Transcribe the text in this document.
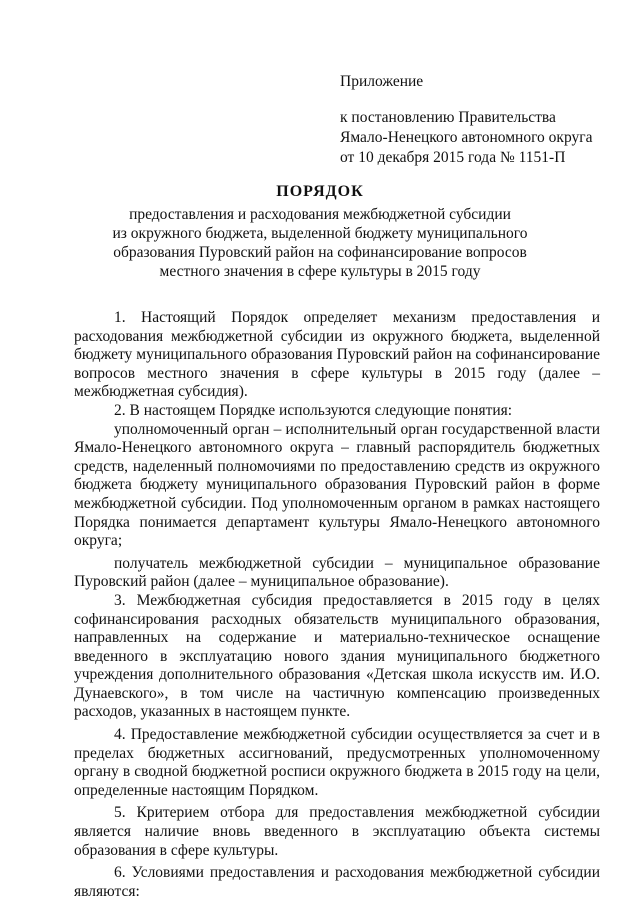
Приложение

к постановлению Правительства

Ямало-Ненецкого автономного округа

от 10 декабря 2015 года № 1151-П

ПОРЯДОК
предоставления и расходования межбюджетной субсидии
из окружного бюджета, выделенной бюджету муниципального
образования Пуровский район на софинансирование вопросов
местного значения в сфере культуры в 2015 году

1. Настоящий Порядок определяет механизм предоставления и расходования межбюджетной субсидии из окружного бюджета, выделенной бюджету муниципального образования Пуровский район на софинансирование вопросов местного значения в сфере культуры в 2015 году (далее – межбюджетная субсидия).

2. В настоящем Порядке используются следующие понятия:

уполномоченный орган – исполнительный орган государственной власти Ямало-Ненецкого автономного округа – главный распорядитель бюджетных средств, наделенный полномочиями по предоставлению средств из окружного бюджета бюджету муниципального образования Пуровский район в форме межбюджетной субсидии. Под уполномоченным органом в рамках настоящего Порядка понимается департамент культуры Ямало-Ненецкого автономного округа;

получатель межбюджетной субсидии – муниципальное образование Пуровский район (далее – муниципальное образование).

3. Межбюджетная субсидия предоставляется в 2015 году в целях софинансирования расходных обязательств муниципального образования, направленных на содержание и материально-техническое оснащение введенного в эксплуатацию нового здания муниципального бюджетного учреждения дополнительного образования «Детская школа искусств им. И.О. Дунаевского», в том числе на частичную компенсацию произведенных расходов, указанных в настоящем пункте.

4. Предоставление межбюджетной субсидии осуществляется за счет и в пределах бюджетных ассигнований, предусмотренных уполномоченному органу в сводной бюджетной росписи окружного бюджета в 2015 году на цели, определенные настоящим Порядком.

5. Критерием отбора для предоставления межбюджетной субсидии является наличие вновь введенного в эксплуатацию объекта системы образования в сфере культуры.

6. Условиями предоставления и расходования межбюджетной субсидии являются:
